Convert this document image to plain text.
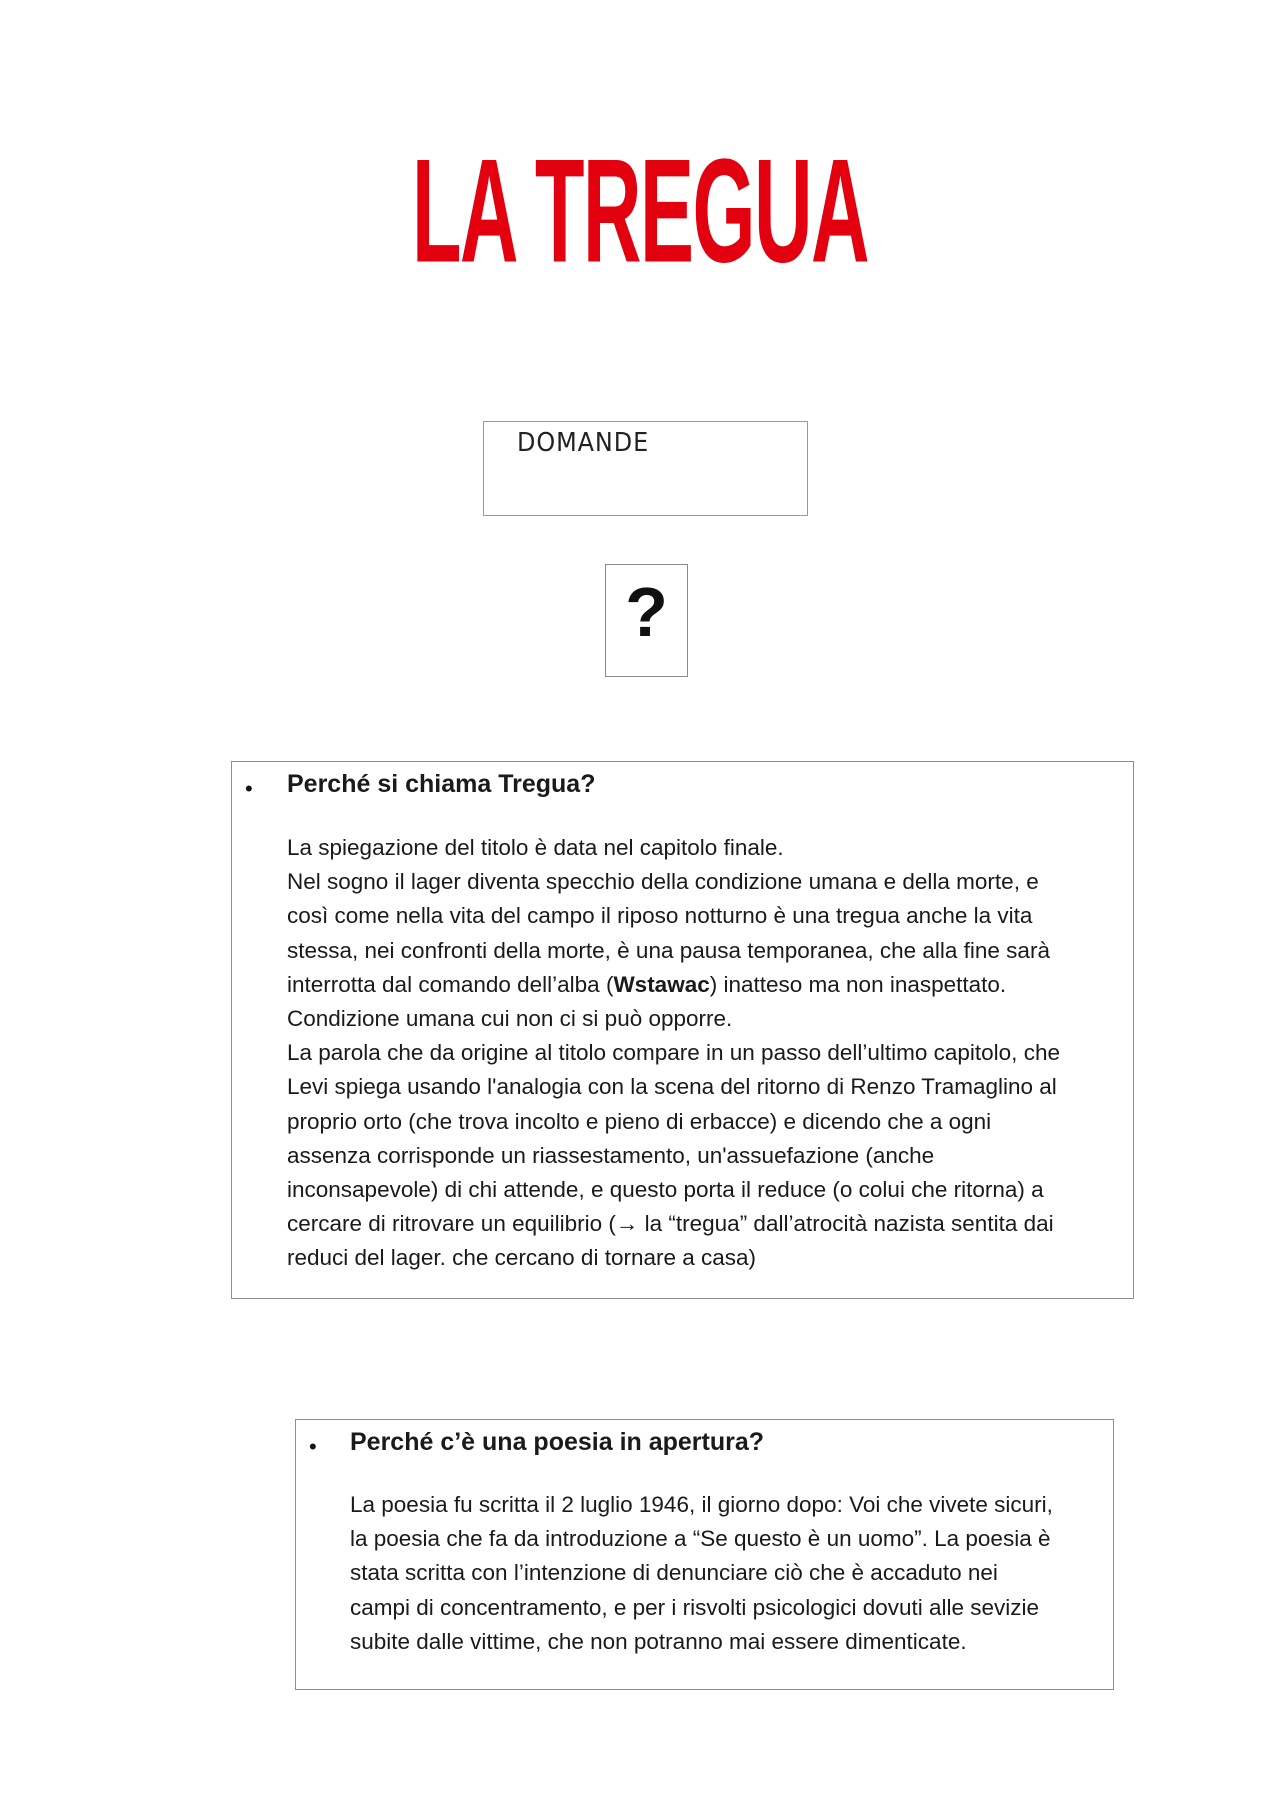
LA TREGUA
DOMANDE
?
• Perché si chiama Tregua?
La spiegazione del titolo è data nel capitolo finale.
Nel sogno il lager diventa specchio della condizione umana e della morte, e
così come nella vita del campo il riposo notturno è una tregua anche la vita
stessa, nei confronti della morte, è una pausa temporanea, che alla fine sarà
interrotta dal comando dell’alba (Wstawac) inatteso ma non inaspettato.
Condizione umana cui non ci si può opporre.
La parola che da origine al titolo compare in un passo dell’ultimo capitolo, che
Levi spiega usando l'analogia con la scena del ritorno di Renzo Tramaglino al
proprio orto (che trova incolto e pieno di erbacce) e dicendo che a ogni
assenza corrisponde un riassestamento, un'assuefazione (anche
inconsapevole) di chi attende, e questo porta il reduce (o colui che ritorna) a
cercare di ritrovare un equilibrio (→ la “tregua” dall’atrocità nazista sentita dai
reduci del lager. che cercano di tornare a casa)
• Perché c’è una poesia in apertura?
La poesia fu scritta il 2 luglio 1946, il giorno dopo: Voi che vivete sicuri,
la poesia che fa da introduzione a “Se questo è un uomo”. La poesia è
stata scritta con l’intenzione di denunciare ciò che è accaduto nei
campi di concentramento, e per i risvolti psicologici dovuti alle sevizie
subite dalle vittime, che non potranno mai essere dimenticate.
